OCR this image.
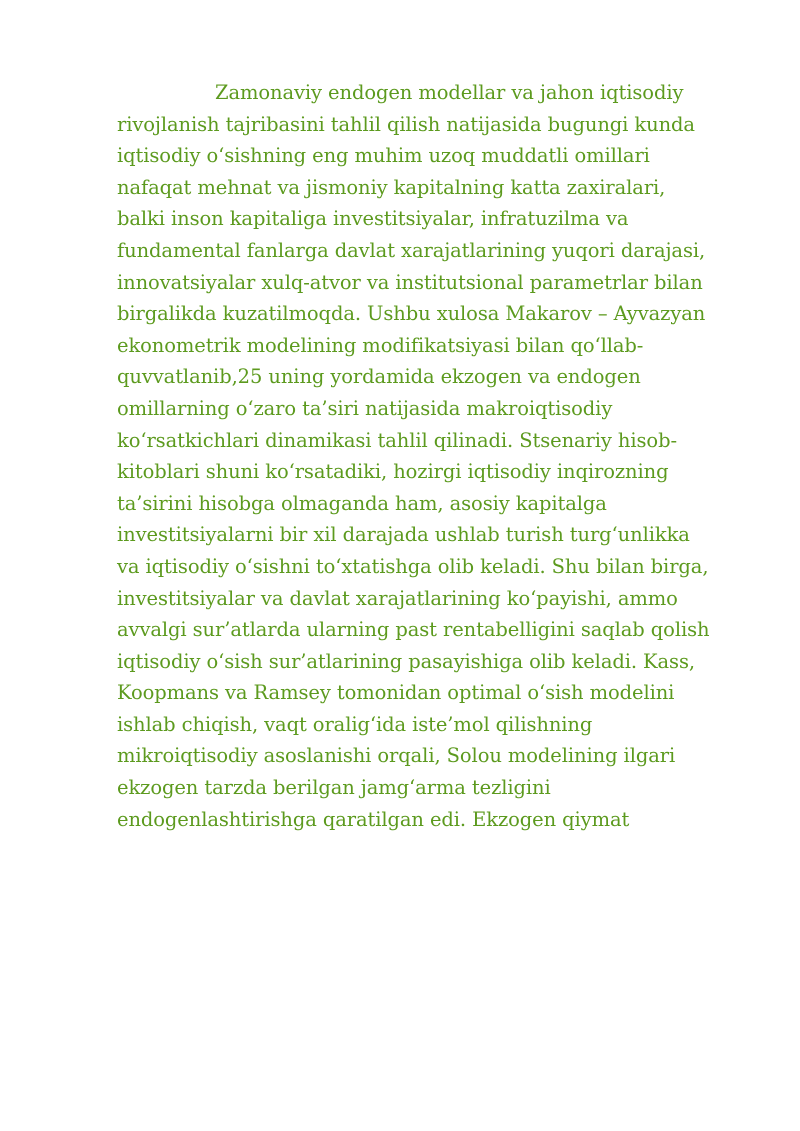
Zamonaviy endogen modellar va jahon iqtisodiy
rivojlanish tajribasini tahlil qilish natijasida bugungi kunda
iqtisodiy o‘sishning eng muhim uzoq muddatli omillari
nafaqat mehnat va jismoniy kapitalning katta zaxiralari,
balki inson kapitaliga investitsiyalar, infratuzilma va
fundamental fanlarga davlat xarajatlarining yuqori darajasi,
innovatsiyalar xulq-atvor va institutsional parametrlar bilan
birgalikda kuzatilmoqda. Ushbu xulosa Makarov – Ayvazyan
ekonometrik modelining modifikatsiyasi bilan qo‘llab-
quvvatlanib,25 uning yordamida ekzogen va endogen
omillarning o‘zaro ta’siri natijasida makroiqtisodiy
ko‘rsatkichlari dinamikasi tahlil qilinadi. Stsenariy hisob-
kitoblari shuni ko‘rsatadiki, hozirgi iqtisodiy inqirozning
ta’sirini hisobga olmaganda ham, asosiy kapitalga
investitsiyalarni bir xil darajada ushlab turish turg‘unlikka
va iqtisodiy o‘sishni to‘xtatishga olib keladi. Shu bilan birga,
investitsiyalar va davlat xarajatlarining ko‘payishi, ammo
avvalgi sur’atlarda ularning past rentabelligini saqlab qolish
iqtisodiy o‘sish sur’atlarining pasayishiga olib keladi. Kass,
Koopmans va Ramsey tomonidan optimal o‘sish modelini
ishlab chiqish, vaqt oralig‘ida iste’mol qilishning
mikroiqtisodiy asoslanishi orqali, Solou modelining ilgari
ekzogen tarzda berilgan jamg‘arma tezligini
endogenlashtirishga qaratilgan edi. Ekzogen qiymat
